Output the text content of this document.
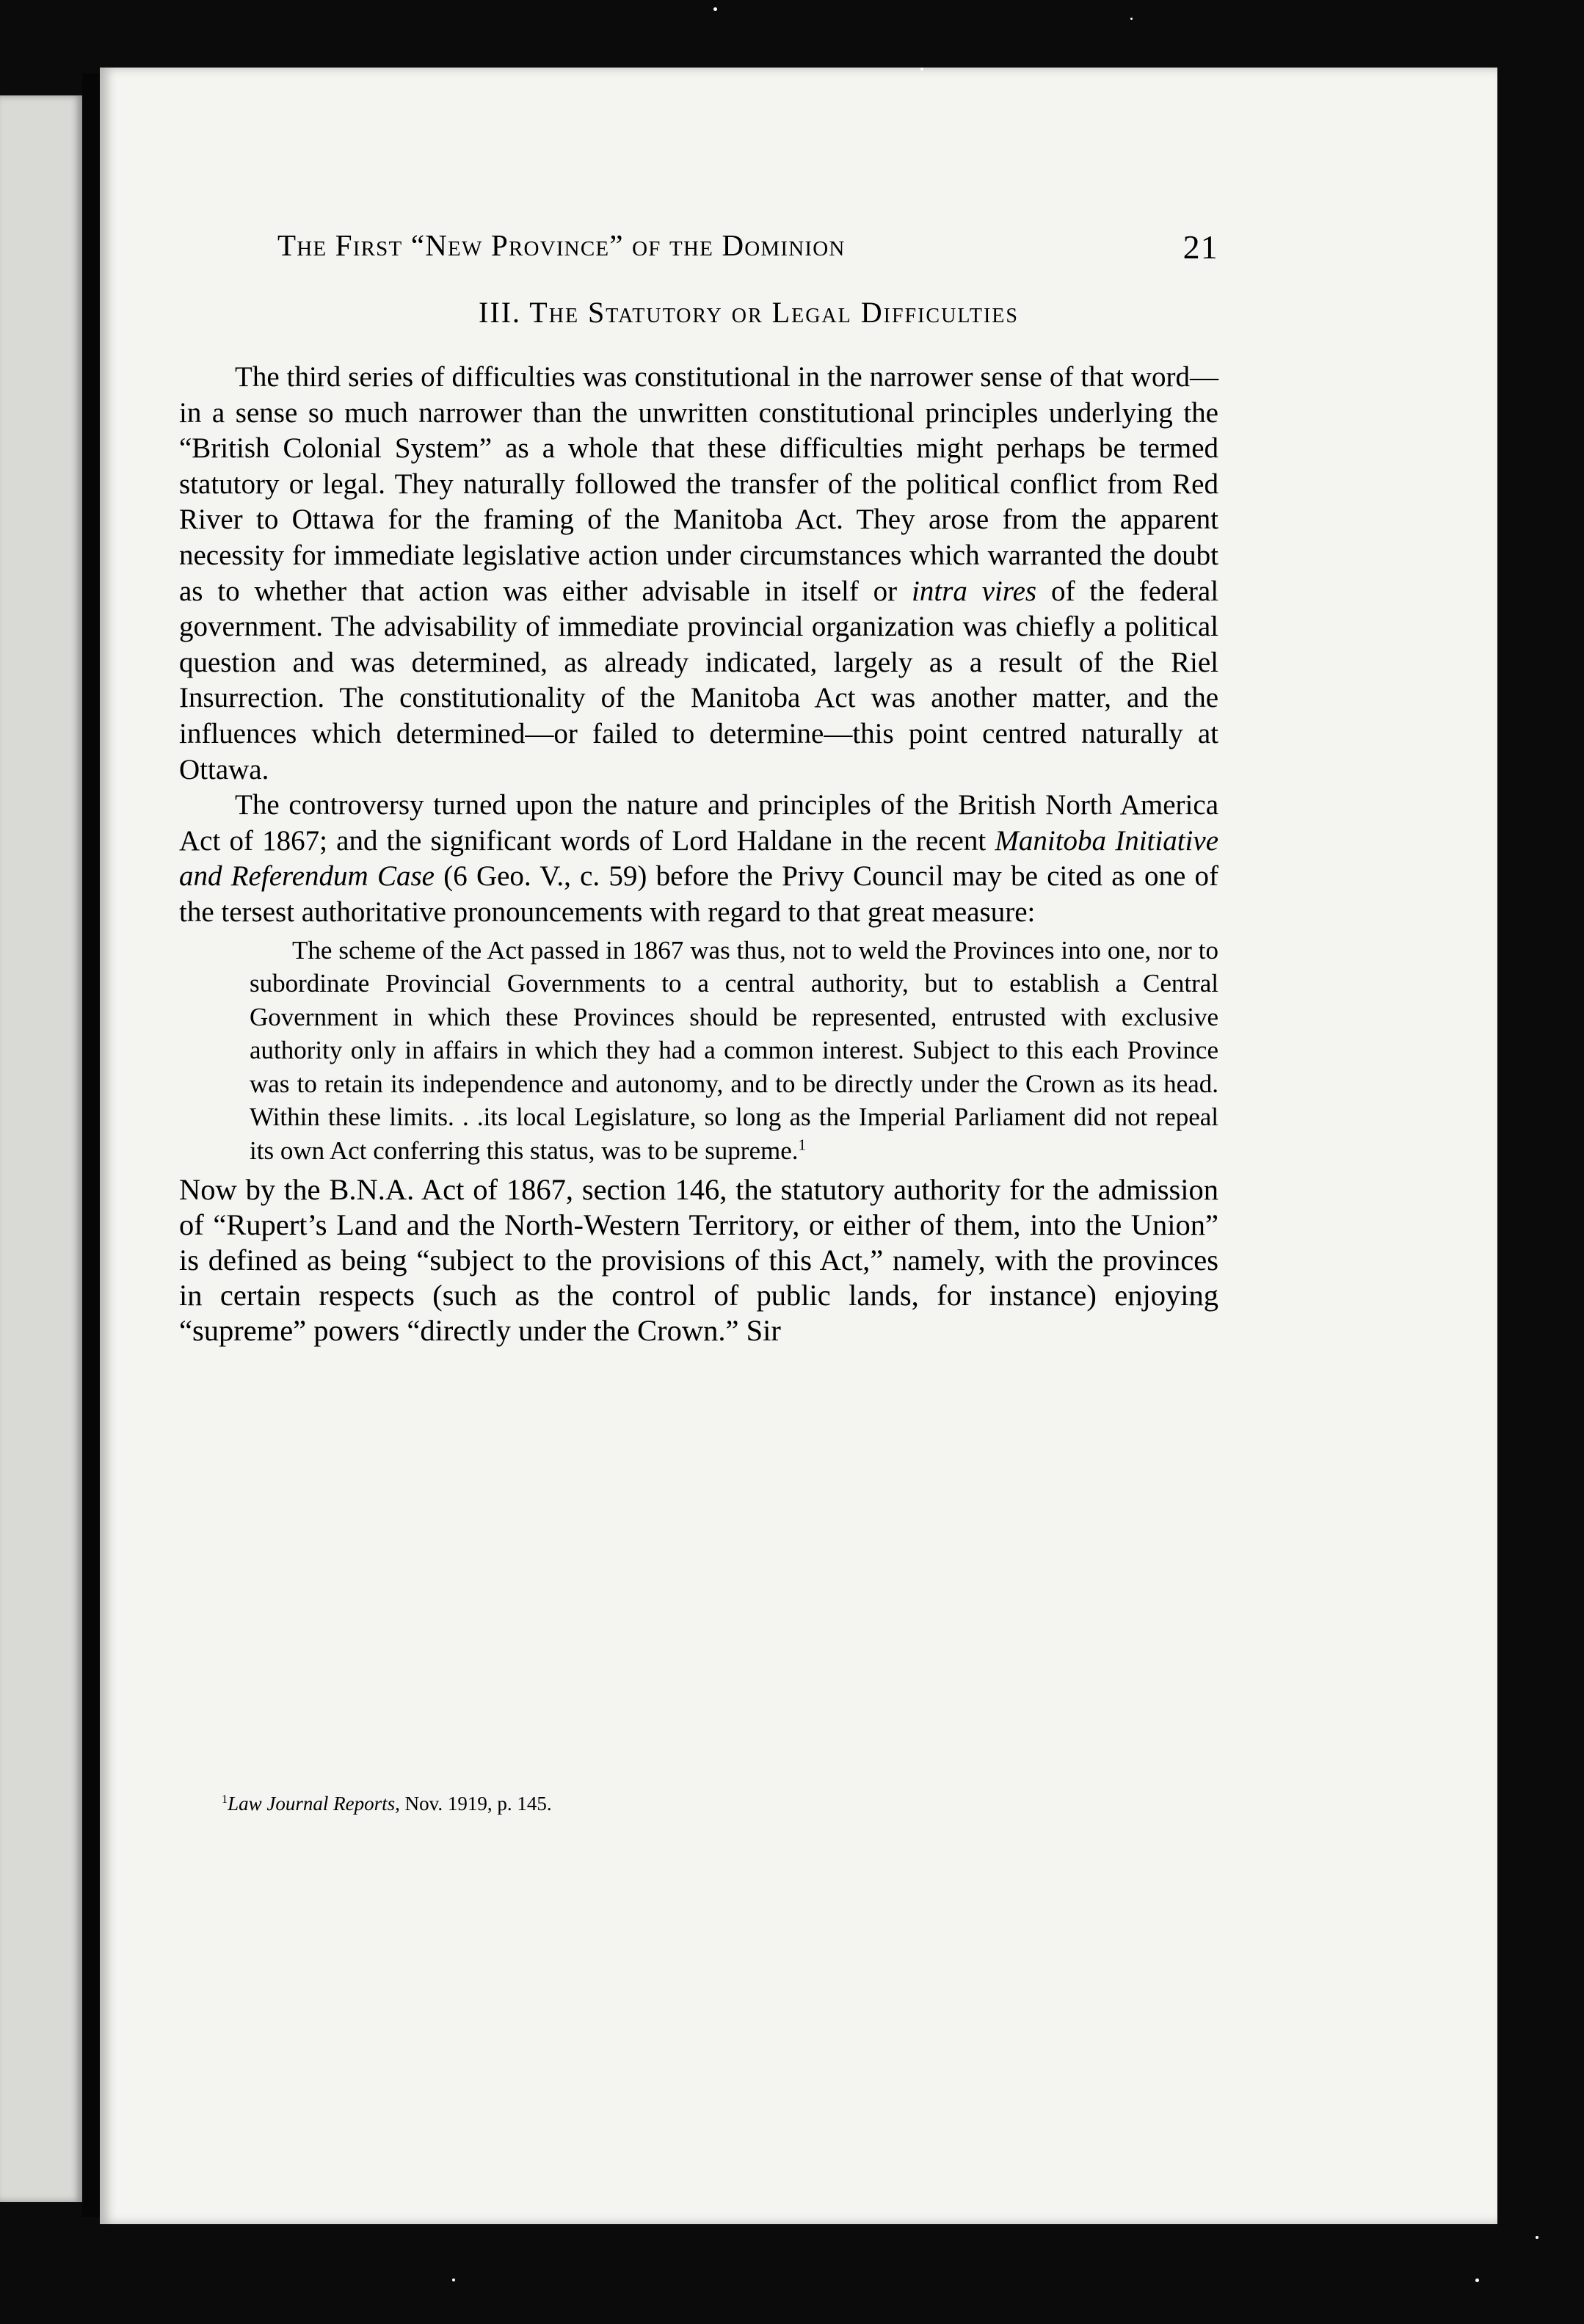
The First “New Province” of the Dominion	21
III. The Statutory or Legal Difficulties

The third series of difficulties was constitutional in the narrower sense of that word—in a sense so much narrower than the unwritten constitutional principles underlying the “British Colonial System” as a whole that these difficulties might perhaps be termed statutory or legal. They naturally followed the transfer of the political conflict from Red River to Ottawa for the framing of the Manitoba Act. They arose from the apparent necessity for immediate legislative action under circumstances which warranted the doubt as to whether that action was either advisable in itself or intra vires of the federal government. The advisability of immediate provincial organization was chiefly a political question and was determined, as already indicated, largely as a result of the Riel Insurrection. The constitutionality of the Manitoba Act was another matter, and the influences which determined—or failed to determine—this point centred naturally at Ottawa.

The controversy turned upon the nature and principles of the British North America Act of 1867; and the significant words of Lord Haldane in the recent Manitoba Initiative and Referendum Case (6 Geo. V., c. 59) before the Privy Council may be cited as one of the tersest authoritative pronouncements with regard to that great measure:

The scheme of the Act passed in 1867 was thus, not to weld the Provinces into one, nor to subordinate Provincial Governments to a central authority, but to establish a Central Government in which these Provinces should be represented, entrusted with exclusive authority only in affairs in which they had a common interest. Subject to this each Province was to retain its independence and autonomy, and to be directly under the Crown as its head. Within these limits. . .its local Legislature, so long as the Imperial Parliament did not repeal its own Act conferring this status, was to be supreme.$^1$

Now by the B.N.A. Act of 1867, section 146, the statutory authority for the admission of “Rupert’s Land and the North-Western Territory, or either of them, into the Union” is defined as being “subject to the provisions of this Act,” namely, with the provinces in certain respects (such as the control of public lands, for instance) enjoying “supreme” powers “directly under the Crown.” Sir

$^1$Law Journal Reports, Nov. 1919, p. 145.
